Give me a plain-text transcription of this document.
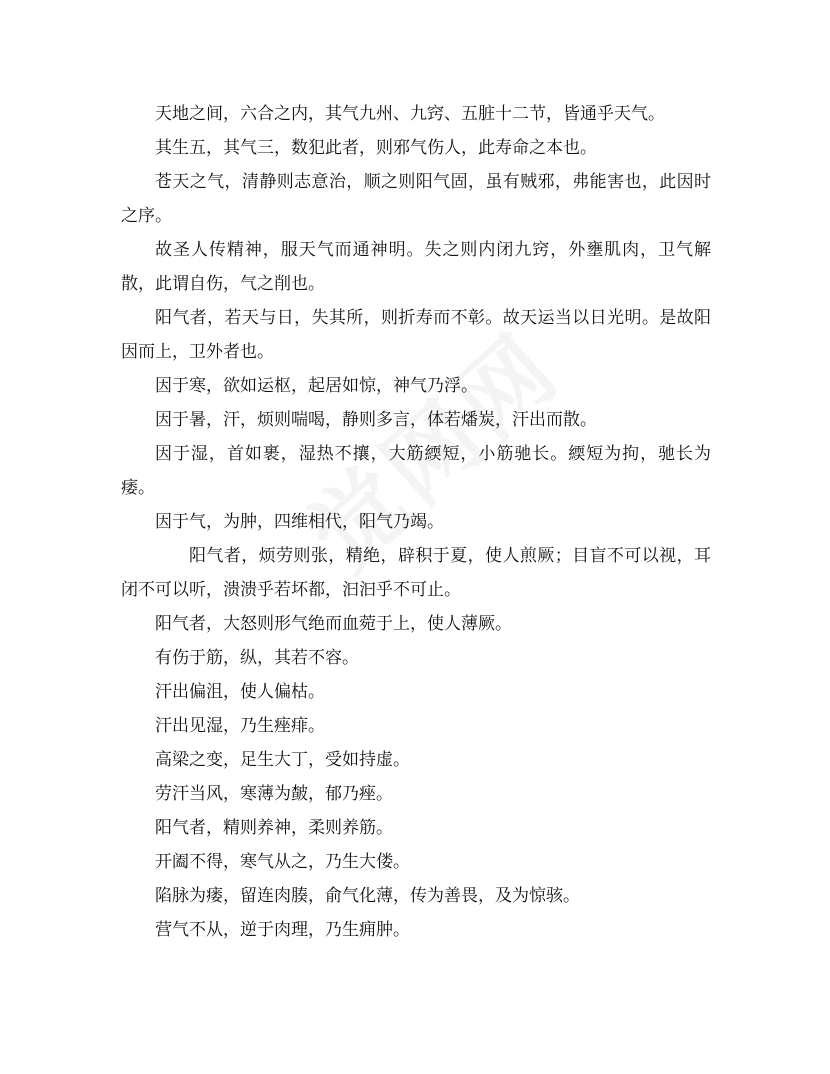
天地之间，六合之内，其气九州、九窍、五脏十二节，皆通乎天气。

其生五，其气三，数犯此者，则邪气伤人，此寿命之本也。

苍天之气，清静则志意治，顺之则阳气固，虽有贼邪，弗能害也，此因时之序。

故圣人传精神，服天气而通神明。失之则内闭九窍，外壅肌肉，卫气解散，此谓自伤，气之削也。

阳气者，若天与日，失其所，则折寿而不彰。故天运当以日光明。是故阳因而上，卫外者也。

因于寒，欲如运枢，起居如惊，神气乃浮。

因于暑，汗，烦则喘喝，静则多言，体若燔炭，汗出而散。

因于湿，首如裹，湿热不攘，大筋緛短，小筋驰长。緛短为拘，驰长为痿。

因于气，为肿，四维相代，阳气乃竭。

阳气者，烦劳则张，精绝，辟积于夏，使人煎厥；目盲不可以视，耳闭不可以听，溃溃乎若坏都，汩汩乎不可止。

阳气者，大怒则形气绝而血菀于上，使人薄厥。

有伤于筋，纵，其若不容。

汗出偏沮，使人偏枯。

汗出见湿，乃生痤痱。

高梁之变，足生大丁，受如持虚。

劳汗当风，寒薄为皶，郁乃痤。

阳气者，精则养神，柔则养筋。

开阖不得，寒气从之，乃生大偻。

陷脉为瘘，留连肉腠，俞气化薄，传为善畏，及为惊骇。

营气不从，逆于肉理，乃生痈肿。
